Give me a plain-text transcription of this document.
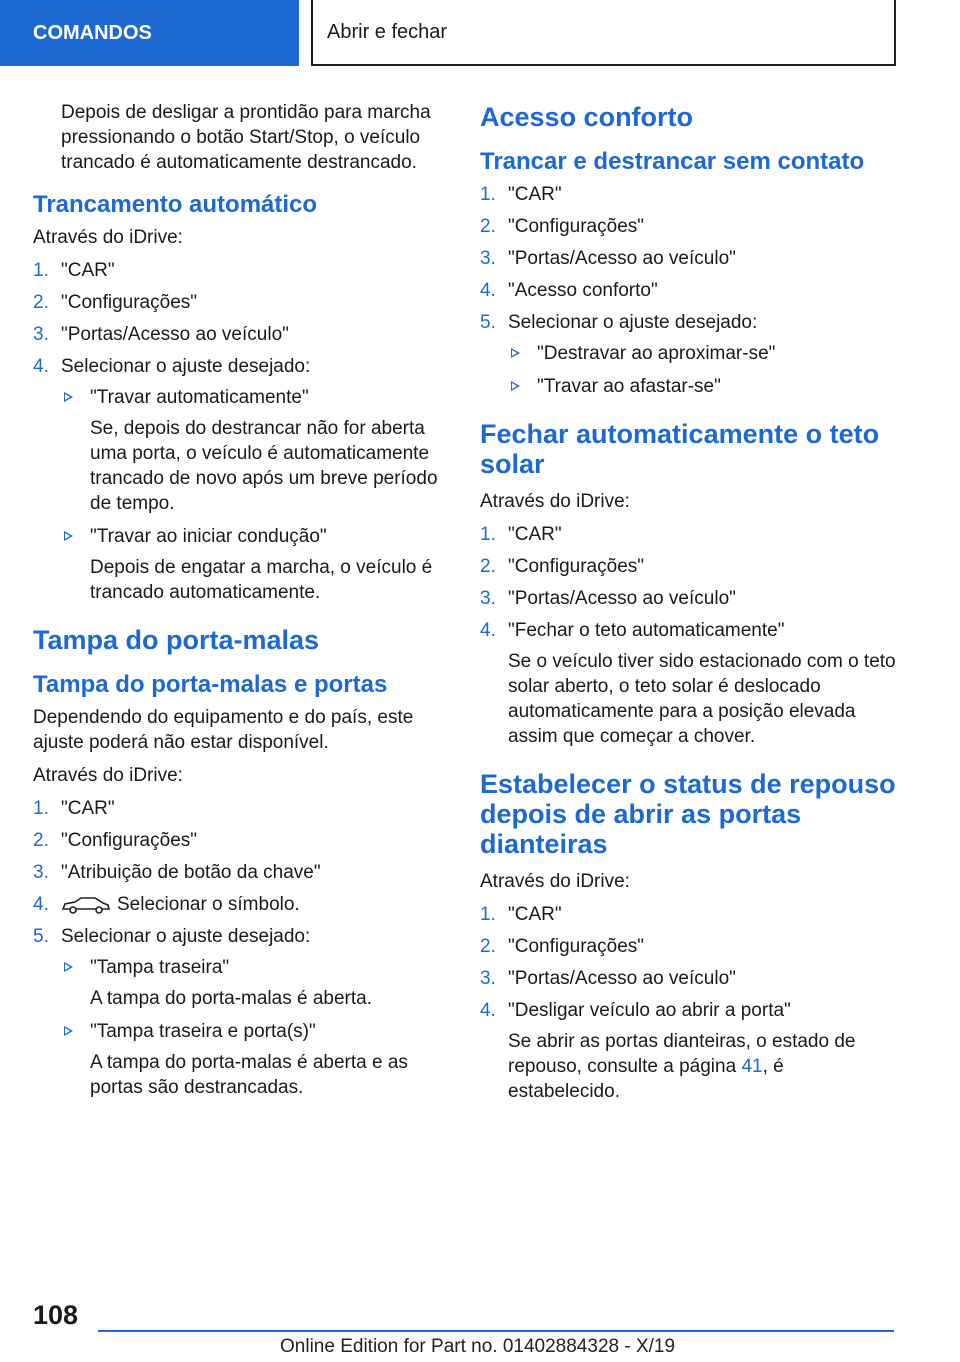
COMANDOS	Abrir e fechar

Depois de desligar a prontidão para marcha pressionando o botão Start/Stop, o veículo trancado é automaticamente destrancado.

Trancamento automático

Através do iDrive:

1. "CAR"
2. "Configurações"
3. "Portas/Acesso ao veículo"
4. Selecionar o ajuste desejado:
"Travar automaticamente"
Se, depois do destrancar não for aberta uma porta, o veículo é automaticamente trancado de novo após um breve período de tempo.
"Travar ao iniciar condução"
Depois de engatar a marcha, o veículo é trancado automaticamente.
Tampa do porta-malas
Tampa do porta-malas e portas

Dependendo do equipamento e do país, este ajuste poderá não estar disponível.

Através do iDrive:

1. "CAR"
2. "Configurações"
3. "Atribuição de botão da chave"
4.	Selecionar o símbolo.
5. Selecionar o ajuste desejado:
"Tampa traseira"
A tampa do porta-malas é aberta.
"Tampa traseira e porta(s)"
A tampa do porta-malas é aberta e as portas são destrancadas.
Acesso conforto
Trancar e destrancar sem contato
1. "CAR"
2. "Configurações"
3. "Portas/Acesso ao veículo"
4. "Acesso conforto"
5. Selecionar o ajuste desejado:
"Destravar ao aproximar-se"
"Travar ao afastar-se"
Fechar automaticamente o teto solar

Através do iDrive:

1. "CAR"
2. "Configurações"
3. "Portas/Acesso ao veículo"
4. "Fechar o teto automaticamente"
Se o veículo tiver sido estacionado com o teto solar aberto, o teto solar é deslocado automaticamente para a posição elevada assim que começar a chover.
Estabelecer o status de repouso depois de abrir as portas dianteiras

Através do iDrive:

1. "CAR"
2. "Configurações"
3. "Portas/Acesso ao veículo"
4. "Desligar veículo ao abrir a porta"
Se abrir as portas dianteiras, o estado de repouso, consulte a página 41, é estabelecido.
108
Online Edition for Part no. 01402884328 - X/19
